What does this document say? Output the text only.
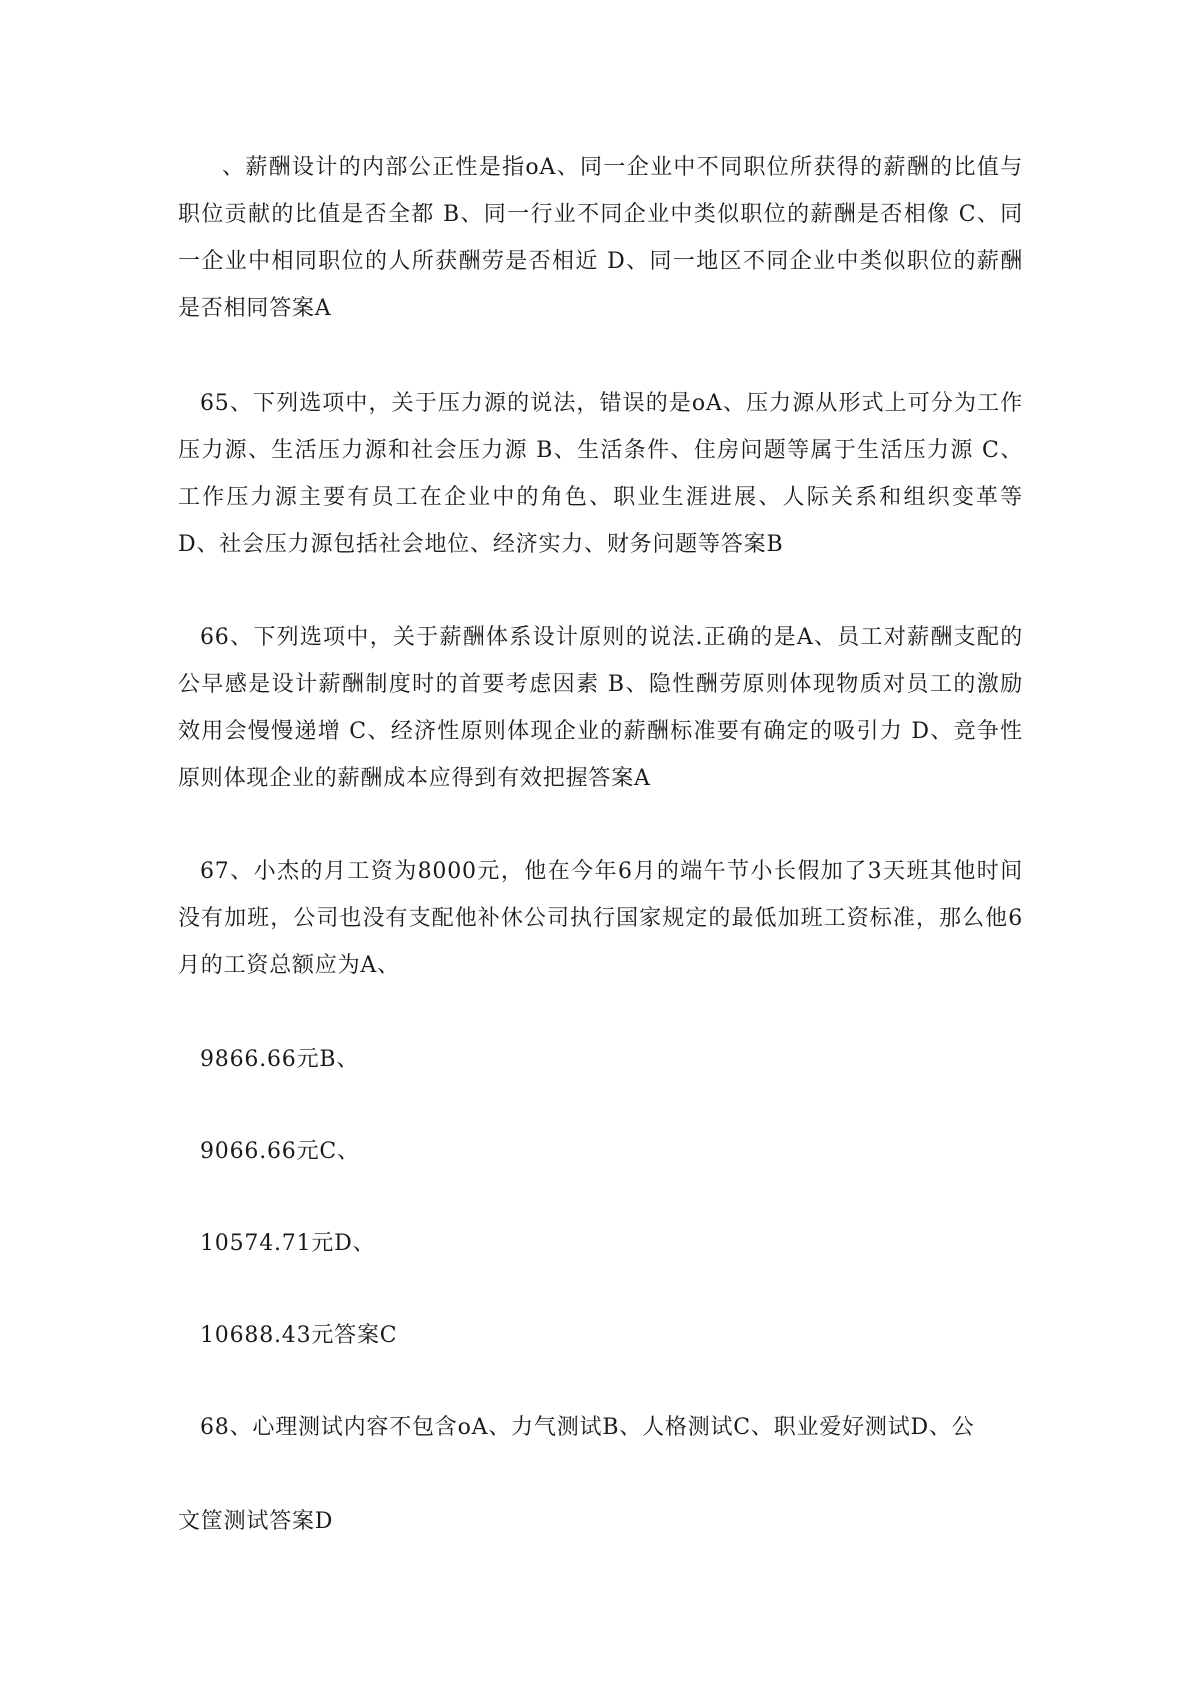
、薪酬设计的内部公正性是指oA、同一企业中不同职位所获得的薪酬的比值与职位贡献的比值是否全都 B、同一行业不同企业中类似职位的薪酬是否相像 C、同一企业中相同职位的人所获酬劳是否相近 D、同一地区不同企业中类似职位的薪酬是否相同答案A

65、下列选项中，关于压力源的说法，错误的是oA、压力源从形式上可分为工作压力源、生活压力源和社会压力源 B、生活条件、住房问题等属于生活压力源 C、工作压力源主要有员工在企业中的角色、职业生涯进展、人际关系和组织变革等 D、社会压力源包括社会地位、经济实力、财务问题等答案B

66、下列选项中，关于薪酬体系设计原则的说法.正确的是A、员工对薪酬支配的公早感是设计薪酬制度时的首要考虑因素 B、隐性酬劳原则体现物质对员工的激励效用会慢慢递增 C、经济性原则体现企业的薪酬标准要有确定的吸引力 D、竞争性原则体现企业的薪酬成本应得到有效把握答案A

67、小杰的月工资为8000元，他在今年6月的端午节小长假加了3天班其他时间没有加班，公司也没有支配他补休公司执行国家规定的最低加班工资标准，那么他6月的工资总额应为A、

9866.66元B、

9066.66元C、

10574.71元D、

10688.43元答案C

68、心理测试内容不包含oA、力气测试B、人格测试C、职业爱好测试D、公

文筐测试答案D
